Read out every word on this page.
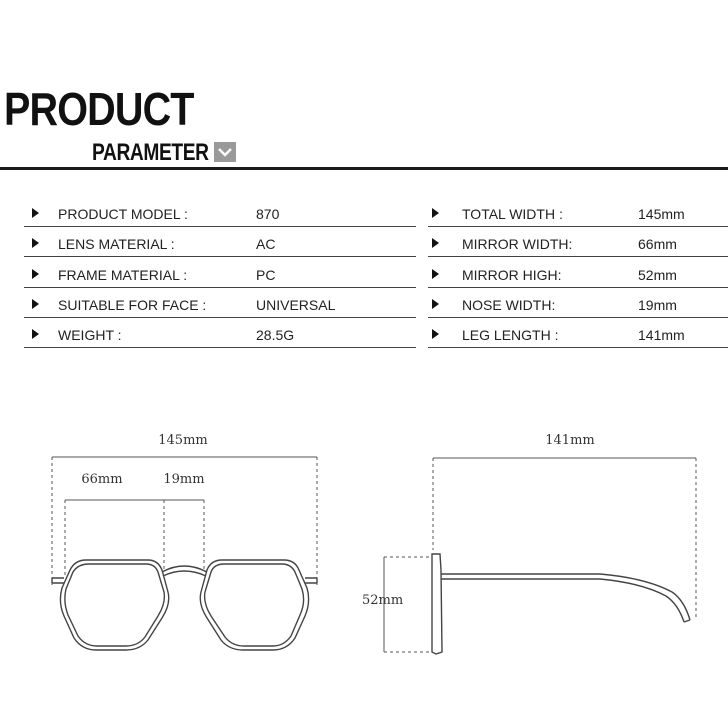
PRODUCT
PARAMETER
PRODUCT MODEL :	870	TOTAL WIDTH :	145mm
LENS MATERIAL :	AC	MIRROR WIDTH:	66mm
FRAME MATERIAL :	PC	MIRROR HIGH:	52mm
SUITABLE FOR FACE :	UNIVERSAL	NOSE WIDTH:	19mm
WEIGHT :	28.5G	LEG LENGTH :	141mm
145mm
66mm	19mm
141mm
52mm
